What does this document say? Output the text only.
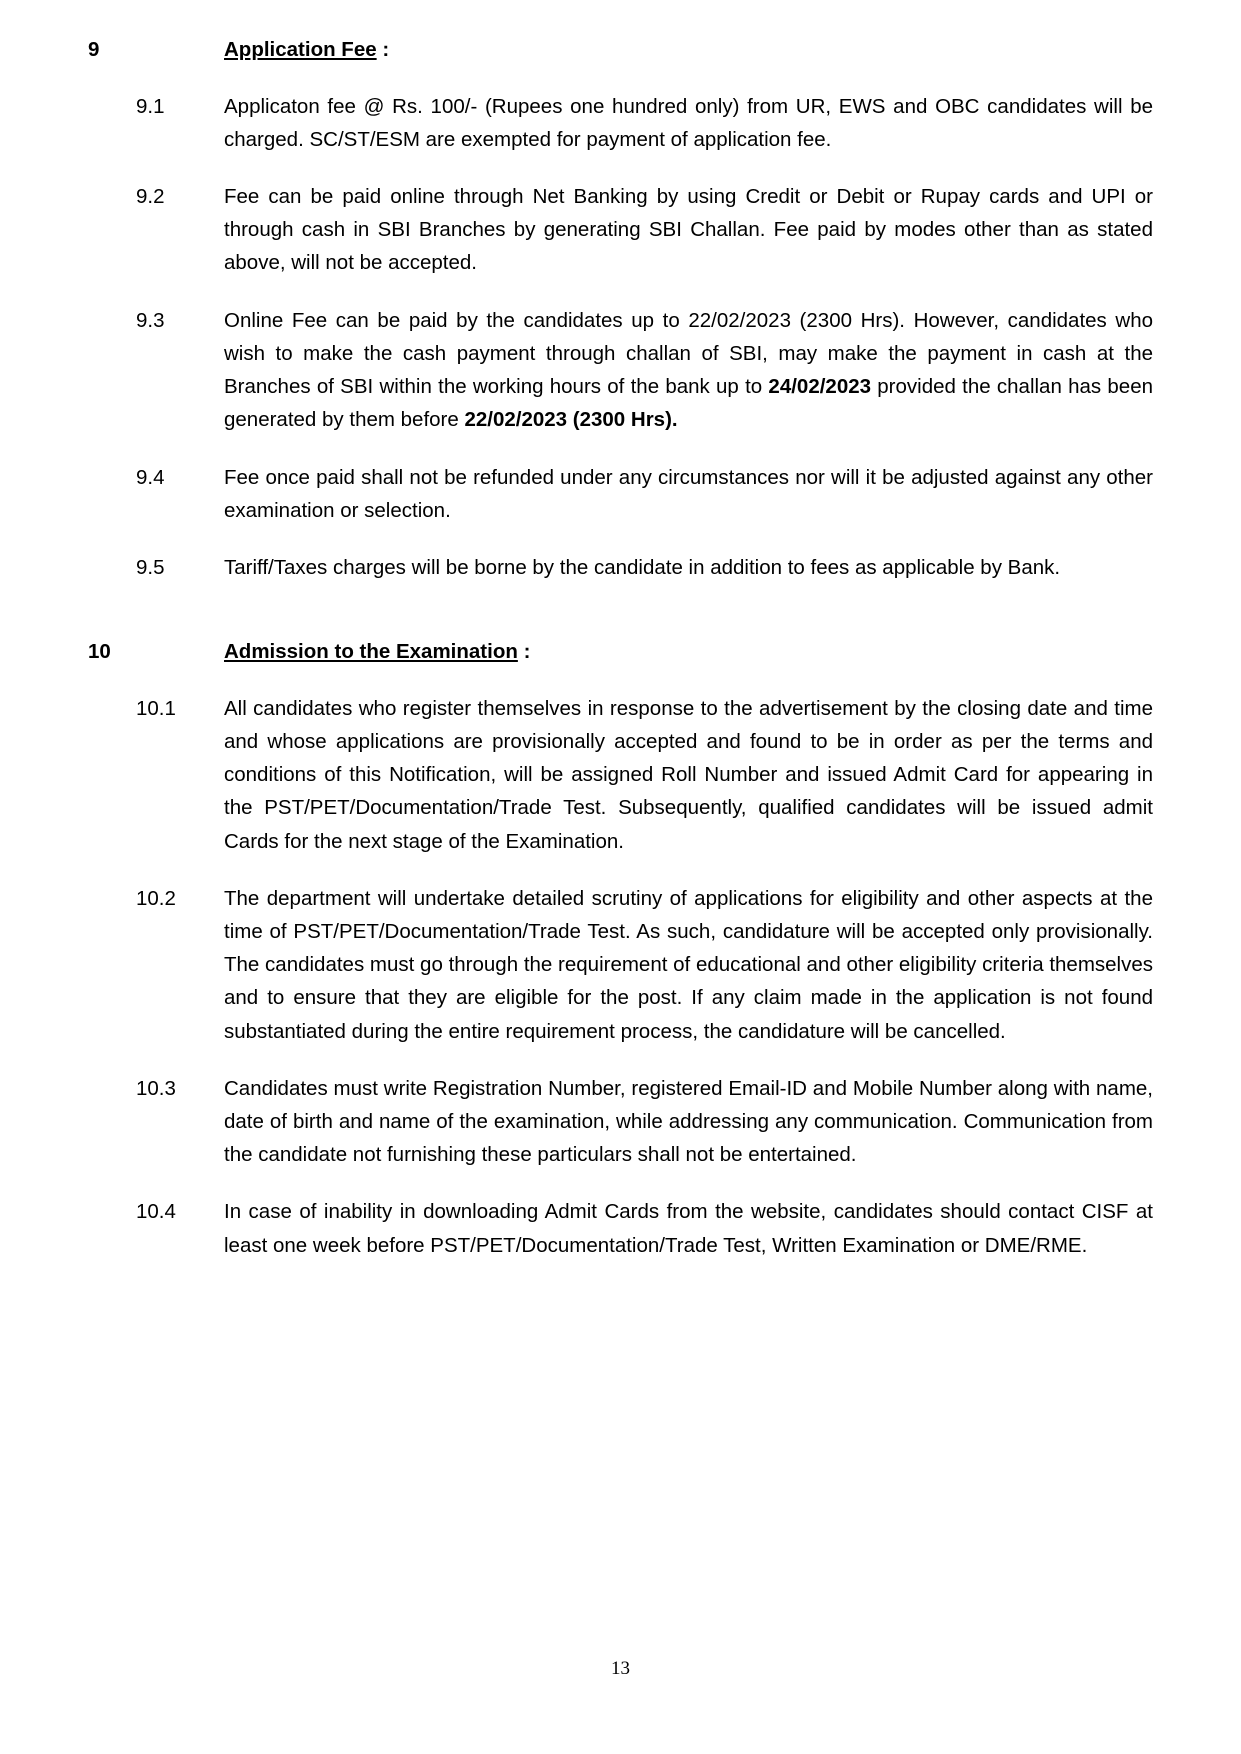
9	Application Fee :
9.1	Applicaton fee @ Rs. 100/- (Rupees one hundred only) from UR, EWS and OBC candidates will be charged. SC/ST/ESM are exempted for payment of application fee.
9.2	Fee can be paid online through Net Banking by using Credit or Debit or Rupay cards and UPI or through cash in SBI Branches by generating SBI Challan. Fee paid by modes other than as stated above, will not be accepted.
9.3	Online Fee can be paid by the candidates up to 22/02/2023 (2300 Hrs). However, candidates who wish to make the cash payment through challan of SBI, may make the payment in cash at the Branches of SBI within the working hours of the bank up to 24/02/2023 provided the challan has been generated by them before 22/02/2023 (2300 Hrs).
9.4	Fee once paid shall not be refunded under any circumstances nor will it be adjusted against any other examination or selection.
9.5	Tariff/Taxes charges will be borne by the candidate in addition to fees as applicable by Bank.
10	Admission to the Examination :
10.1	All candidates who register themselves in response to the advertisement by the closing date and time and whose applications are provisionally accepted and found to be in order as per the terms and conditions of this Notification, will be assigned Roll Number and issued Admit Card for appearing in the PST/PET/Documentation/Trade Test. Subsequently, qualified candidates will be issued admit Cards for the next stage of the Examination.
10.2	The department will undertake detailed scrutiny of applications for eligibility and other aspects at the time of PST/PET/Documentation/Trade Test. As such, candidature will be accepted only provisionally. The candidates must go through the requirement of educational and other eligibility criteria themselves and to ensure that they are eligible for the post. If any claim made in the application is not found substantiated during the entire requirement process, the candidature will be cancelled.
10.3	Candidates must write Registration Number, registered Email-ID and Mobile Number along with name, date of birth and name of the examination, while addressing any communication. Communication from the candidate not furnishing these particulars shall not be entertained.
10.4	In case of inability in downloading Admit Cards from the website, candidates should contact CISF at least one week before PST/PET/Documentation/Trade Test, Written Examination or DME/RME.
13
